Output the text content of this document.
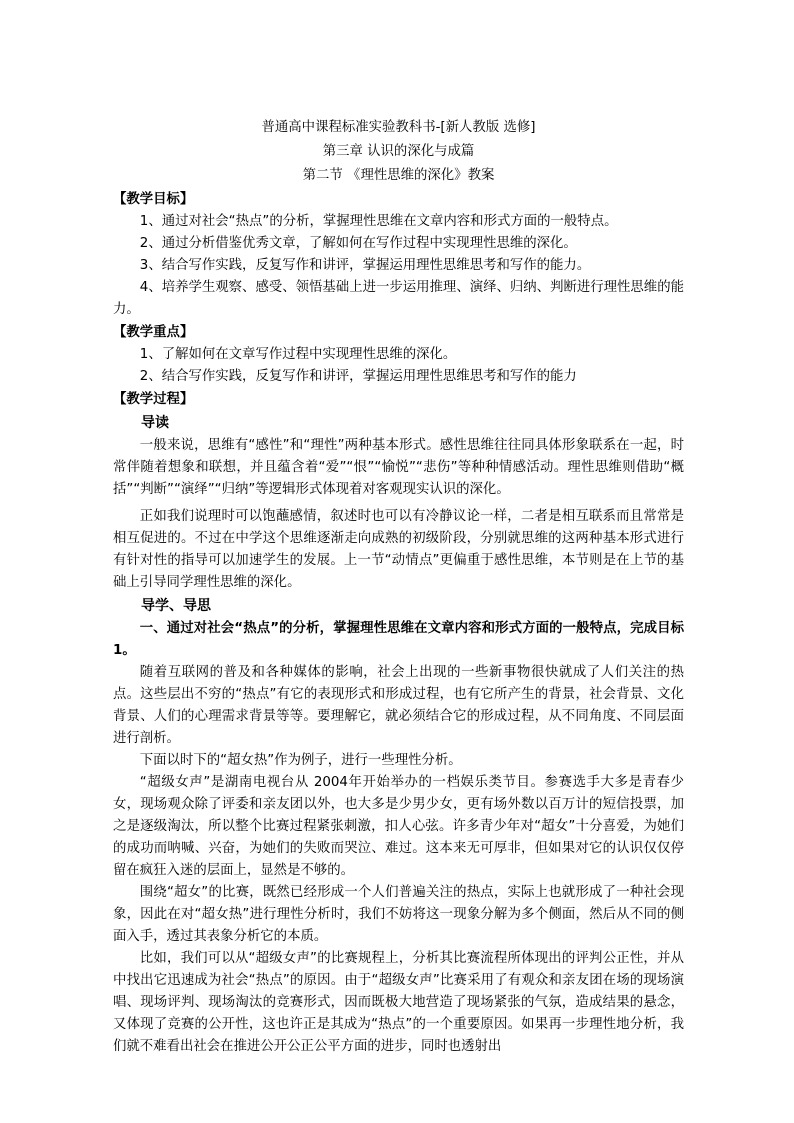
普通高中课程标准实验教科书-[新人教版 选修]

第三章 认识的深化与成篇

第二节 《理性思维的深化》教案

【教学目标】

1、通过对社会“热点”的分析，掌握理性思维在文章内容和形式方面的一般特点。

2、通过分析借鉴优秀文章，了解如何在写作过程中实现理性思维的深化。

3、结合写作实践，反复写作和讲评，掌握运用理性思维思考和写作的能力。

4、培养学生观察、感受、领悟基础上进一步运用推理、演绎、归纳、判断进行理性思维的能力。

【教学重点】

1、了解如何在文章写作过程中实现理性思维的深化。

2、结合写作实践，反复写作和讲评，掌握运用理性思维思考和写作的能力

【教学过程】

导读

一般来说，思维有“感性”和“理性”两种基本形式。感性思维往往同具体形象联系在一起，时常伴随着想象和联想，并且蕴含着“爱”“恨”“愉悦”“悲伤”等种种情感活动。理性思维则借助“概括”“判断”“演绎”“归纳”等逻辑形式体现着对客观现实认识的深化。

正如我们说理时可以饱蘸感情，叙述时也可以有冷静议论一样，二者是相互联系而且常常是相互促进的。不过在中学这个思维逐渐走向成熟的初级阶段，分别就思维的这两种基本形式进行有针对性的指导可以加速学生的发展。上一节“动情点”更偏重于感性思维，本节则是在上节的基础上引导同学理性思维的深化。

导学、导思

一、通过对社会“热点”的分析，掌握理性思维在文章内容和形式方面的一般特点，完成目标1。

随着互联网的普及和各种媒体的影响，社会上出现的一些新事物很快就成了人们关注的热点。这些层出不穷的“热点”有它的表现形式和形成过程，也有它所产生的背景，社会背景、文化背景、人们的心理需求背景等等。要理解它，就必须结合它的形成过程，从不同角度、不同层面进行剖析。

下面以时下的“超女热”作为例子，进行一些理性分析。

“超级女声”是湖南电视台从 2004年开始举办的一档娱乐类节目。参赛选手大多是青春少女，现场观众除了评委和亲友团以外，也大多是少男少女，更有场外数以百万计的短信投票，加之是逐级淘汰，所以整个比赛过程紧张刺激，扣人心弦。许多青少年对“超女”十分喜爱，为她们的成功而呐喊、兴奋，为她们的失败而哭泣、难过。这本来无可厚非，但如果对它的认识仅仅停留在疯狂入迷的层面上，显然是不够的。

围绕“超女”的比赛，既然已经形成一个人们普遍关注的热点，实际上也就形成了一种社会现象，因此在对“超女热”进行理性分析时，我们不妨将这一现象分解为多个侧面，然后从不同的侧面入手，透过其表象分析它的本质。

比如，我们可以从“超级女声”的比赛规程上，分析其比赛流程所体现出的评判公正性，并从中找出它迅速成为社会“热点”的原因。由于“超级女声”比赛采用了有观众和亲友团在场的现场演唱、现场评判、现场淘汰的竞赛形式，因而既极大地营造了现场紧张的气氛，造成结果的悬念，又体现了竞赛的公开性，这也许正是其成为“热点”的一个重要原因。如果再一步理性地分析，我们就不难看出社会在推进公开公正公平方面的进步，同时也透射出
